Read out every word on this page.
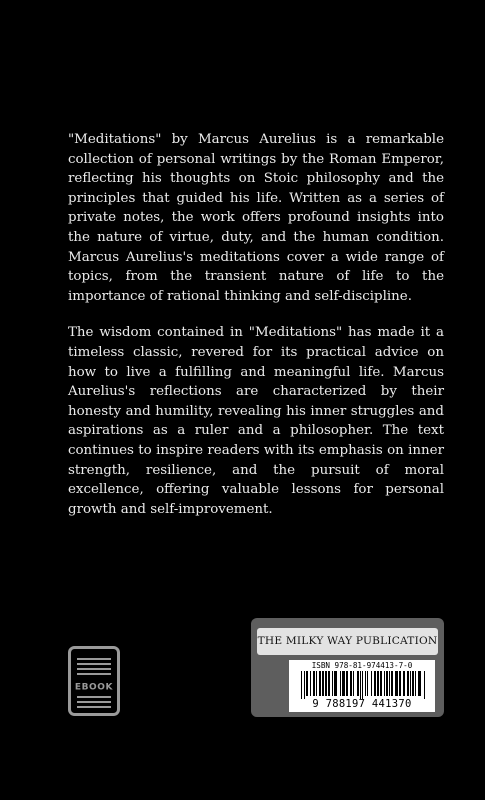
"Meditations" by Marcus Aurelius is a remarkable collection of personal writings by the Roman Emperor, reflecting his thoughts on Stoic philosophy and the principles that guided his life. Written as a series of private notes, the work offers profound insights into the nature of virtue, duty, and the human condition. Marcus Aurelius's meditations cover a wide range of topics, from the transient nature of life to the importance of rational thinking and self-discipline.

The wisdom contained in "Meditations" has made it a timeless classic, revered for its practical advice on how to live a fulfilling and meaningful life. Marcus Aurelius's reflections are characterized by their honesty and humility, revealing his inner struggles and aspirations as a ruler and a philosopher. The text continues to inspire readers with its emphasis on inner strength, resilience, and the pursuit of moral excellence, offering valuable lessons for personal growth and self-improvement.

EBOOK
THE MILKY WAY PUBLICATION
ISBN 978-81-974413-7-0
9 788197 441370
